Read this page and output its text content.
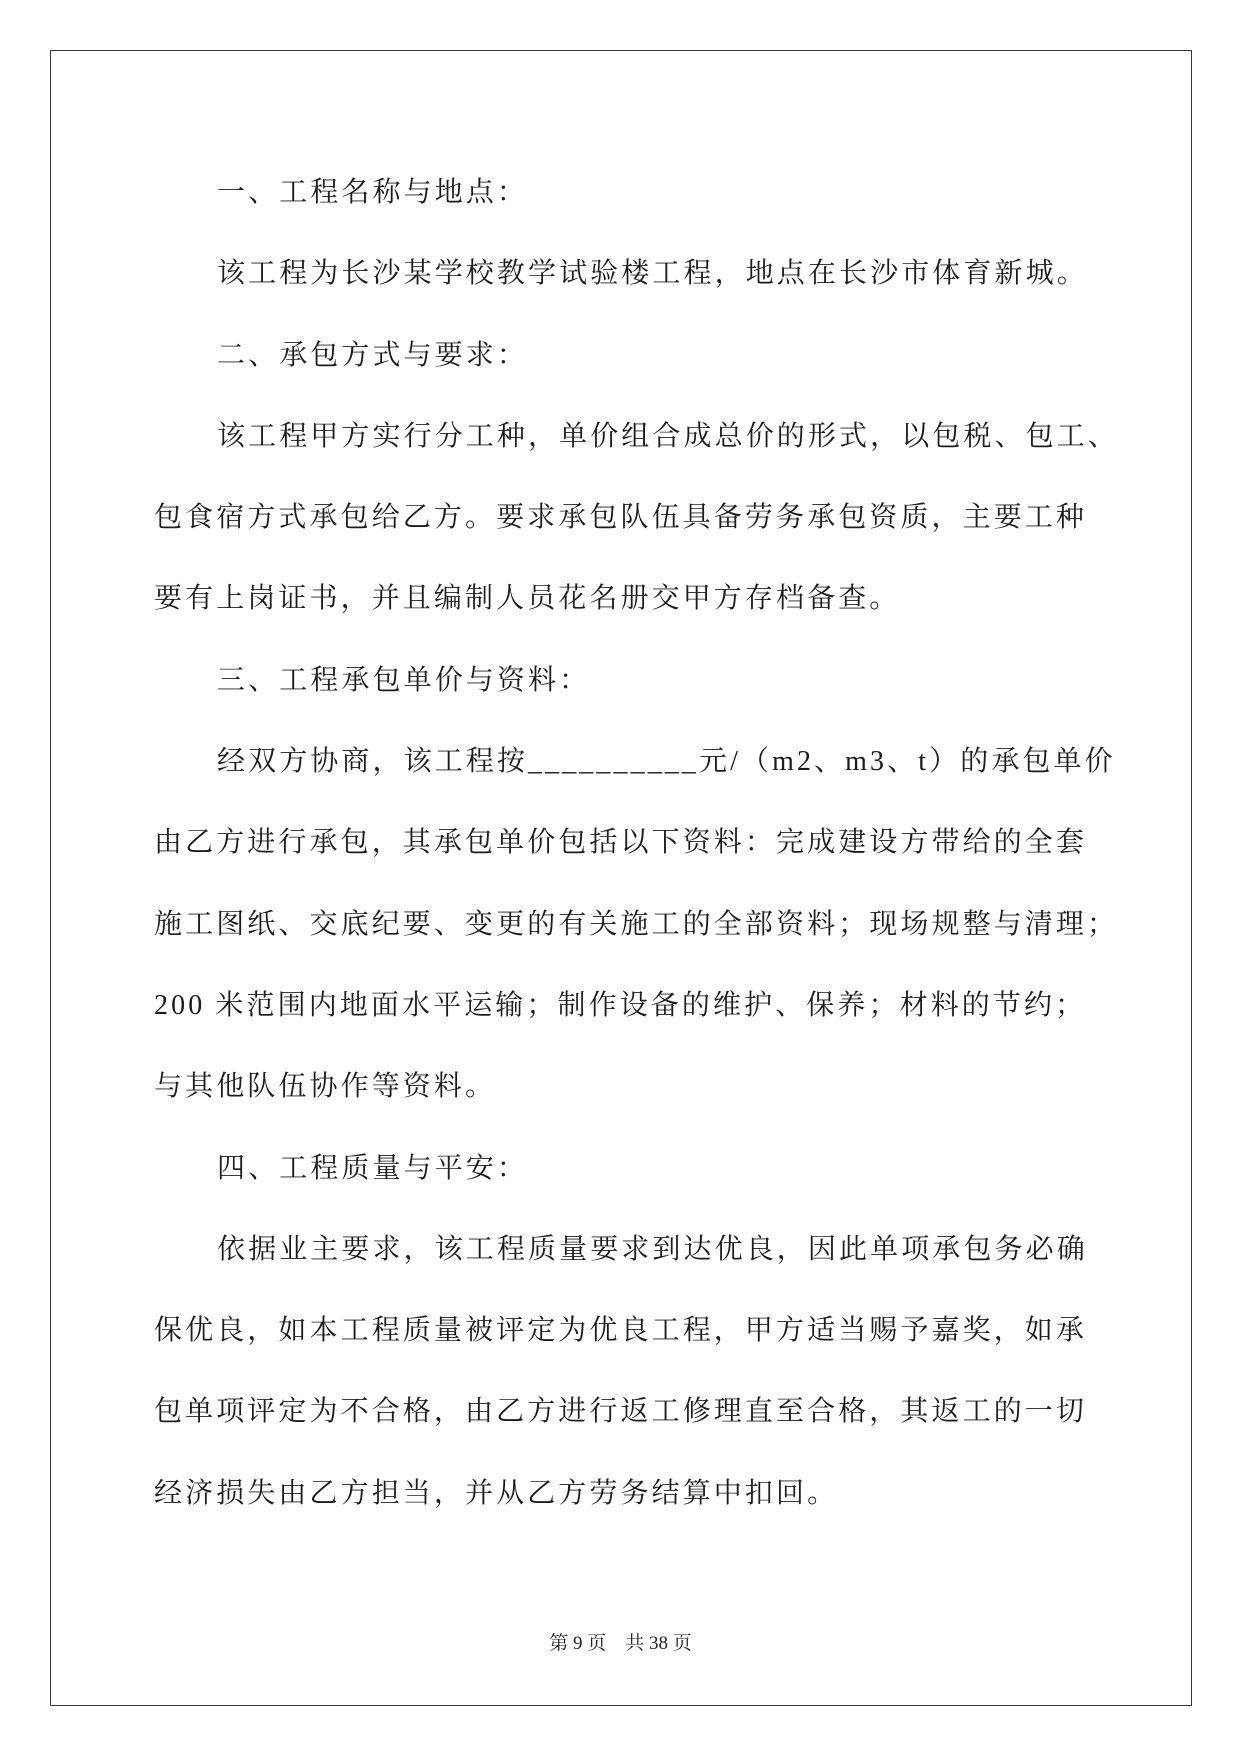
一、工程名称与地点：
该工程为长沙某学校教学试验楼工程，地点在长沙市体育新城。
二、承包方式与要求：
该工程甲方实行分工种，单价组合成总价的形式，以包税、包工、
包食宿方式承包给乙方。要求承包队伍具备劳务承包资质，主要工种
要有上岗证书，并且编制人员花名册交甲方存档备查。
三、工程承包单价与资料：
经双方协商，该工程按__________元/（m2、m3、t）的承包单价
由乙方进行承包，其承包单价包括以下资料：完成建设方带给的全套
施工图纸、交底纪要、变更的有关施工的全部资料；现场规整与清理；
200 米范围内地面水平运输；制作设备的维护、保养；材料的节约；
与其他队伍协作等资料。
四、工程质量与平安：
依据业主要求，该工程质量要求到达优良，因此单项承包务必确
保优良，如本工程质量被评定为优良工程，甲方适当赐予嘉奖，如承
包单项评定为不合格，由乙方进行返工修理直至合格，其返工的一切
经济损失由乙方担当，并从乙方劳务结算中扣回。
第 9 页　共 38 页
